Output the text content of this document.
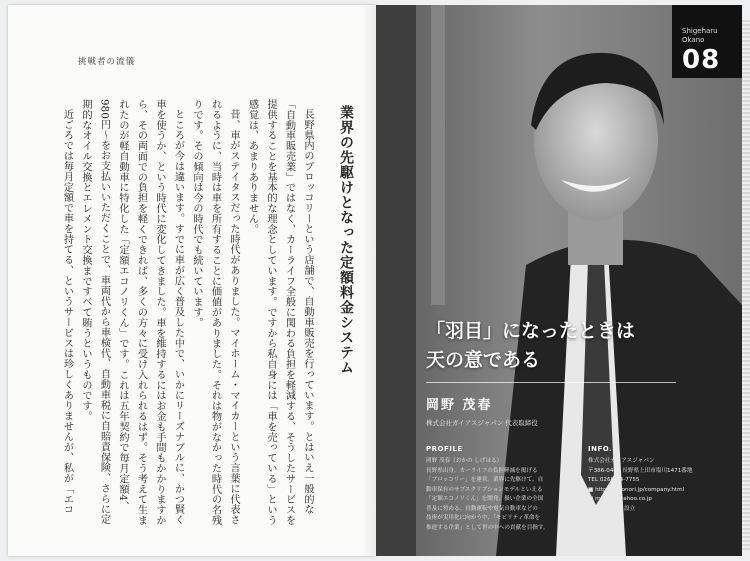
挑戦者の流儀
業界の先駆けとなった定額料金システム

長野県内のブロッコリーという店舗で、自動車販売を行っています。とはいえ一般的な「自動車販売業」ではなく、カーライフ全般に関わる負担を軽減する、そうしたサービスを提供することを基本的な理念としています。ですから私自身には「車を売っている」という感覚は、あまりありません。

昔、車がステイタスだった時代がありました。マイホーム・マイカーという言葉に代表されるように、当時は車を所有することに価値がありました。それは物がなかった時代の名残りです。その傾向は今の時代でも続いています。

ところが今は違います。すでに車が広く普及した中で、いかにリーズナブルに、かつ賢く車を使うか、という時代に変化してきました。車を維持するにはお金も手間もかかりますから、その両面での負担を軽くできれば、多くの方々に受け入れられるはず。そう考えて生まれたのが軽自動車に特化した「定額エコノリくん」です。これは五年契約で毎月定額4、980円〜をお支払いいただくことで、車両代から車検代、自動車税に自賠責保険、さらに定期的なオイル交換とエレメント交換まですべて賄うというものです。

近ごろでは毎月定額で車を持てる、というサービスは珍しくありませんが、私が「エコ

Shigeharu
Okano
08
「羽目」になったときは
天の意である
岡野 茂春
株式会社ガイアスジャパン 代表取締役
PROFILE
岡野 茂春（おかの しげはる）
長野県出身。カーライフの負担軽減を掲げる
「ブロッコリー」を運営。業界に先駆けて、自
動車保有のサブスクリプションモデルといえる
「定額エコノリくん」を開発、扱い企業の全国
普及に努める。自動運転や電気自動車などの
技術が実用化に向かう中、「モビリティ革命を
推進する企業」として世の中への貢献を目指す。
INFO.
株式会社ガイアスジャパン
〒386-0401 長野県上田市塩川1471番地
TEL 0268-34-7755
■ https://econori.jp/company.html
■ mj77jp@yahoo.co.jp
■ 2002年6月設立
